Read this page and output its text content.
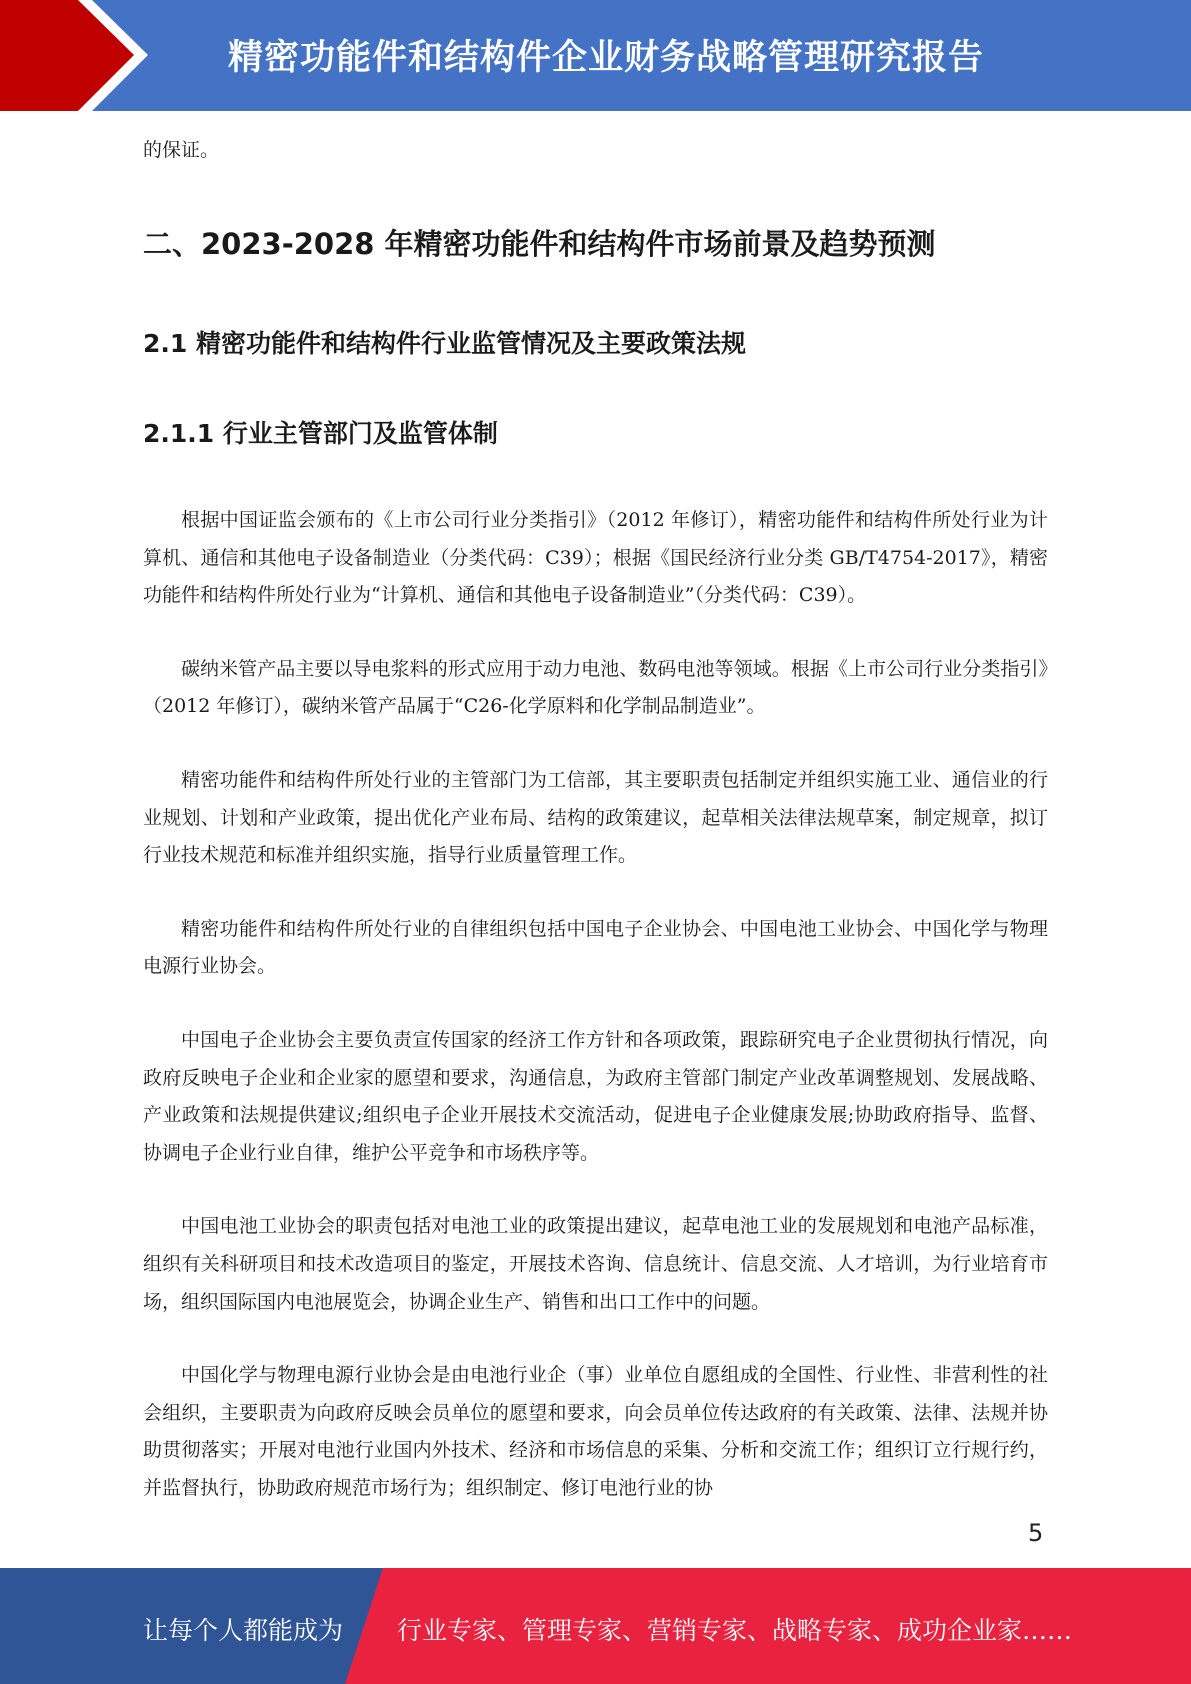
精密功能件和结构件企业财务战略管理研究报告

的保证。

二、2023-2028 年精密功能件和结构件市场前景及趋势预测
2.1 精密功能件和结构件行业监管情况及主要政策法规
2.1.1 行业主管部门及监管体制

根据中国证监会颁布的《上市公司行业分类指引》（2012 年修订），精密功能件和结构件所处行业为计算机、通信和其他电子设备制造业（分类代码：C39）；根据《国民经济行业分类 GB/T4754-2017》，精密功能件和结构件所处行业为“计算机、通信和其他电子设备制造业”（分类代码：C39）。

碳纳米管产品主要以导电浆料的形式应用于动力电池、数码电池等领域。根据《上市公司行业分类指引》（2012 年修订），碳纳米管产品属于“C26-化学原料和化学制品制造业”。

精密功能件和结构件所处行业的主管部门为工信部，其主要职责包括制定并组织实施工业、通信业的行业规划、计划和产业政策，提出优化产业布局、结构的政策建议，起草相关法律法规草案，制定规章，拟订行业技术规范和标准并组织实施，指导行业质量管理工作。

精密功能件和结构件所处行业的自律组织包括中国电子企业协会、中国电池工业协会、中国化学与物理电源行业协会。

中国电子企业协会主要负责宣传国家的经济工作方针和各项政策，跟踪研究电子企业贯彻执行情况，向政府反映电子企业和企业家的愿望和要求，沟通信息，为政府主管部门制定产业改革调整规划、发展战略、产业政策和法规提供建议;组织电子企业开展技术交流活动，促进电子企业健康发展;协助政府指导、监督、协调电子企业行业自律，维护公平竞争和市场秩序等。

中国电池工业协会的职责包括对电池工业的政策提出建议，起草电池工业的发展规划和电池产品标准，组织有关科研项目和技术改造项目的鉴定，开展技术咨询、信息统计、信息交流、人才培训，为行业培育市场，组织国际国内电池展览会，协调企业生产、销售和出口工作中的问题。

中国化学与物理电源行业协会是由电池行业企（事）业单位自愿组成的全国性、行业性、非营利性的社会组织，主要职责为向政府反映会员单位的愿望和要求，向会员单位传达政府的有关政策、法律、法规并协助贯彻落实；开展对电池行业国内外技术、经济和市场信息的采集、分析和交流工作；组织订立行规行约，并监督执行，协助政府规范市场行为；组织制定、修订电池行业的协

5
让每个人都能成为 行业专家、管理专家、营销专家、战略专家、成功企业家……
